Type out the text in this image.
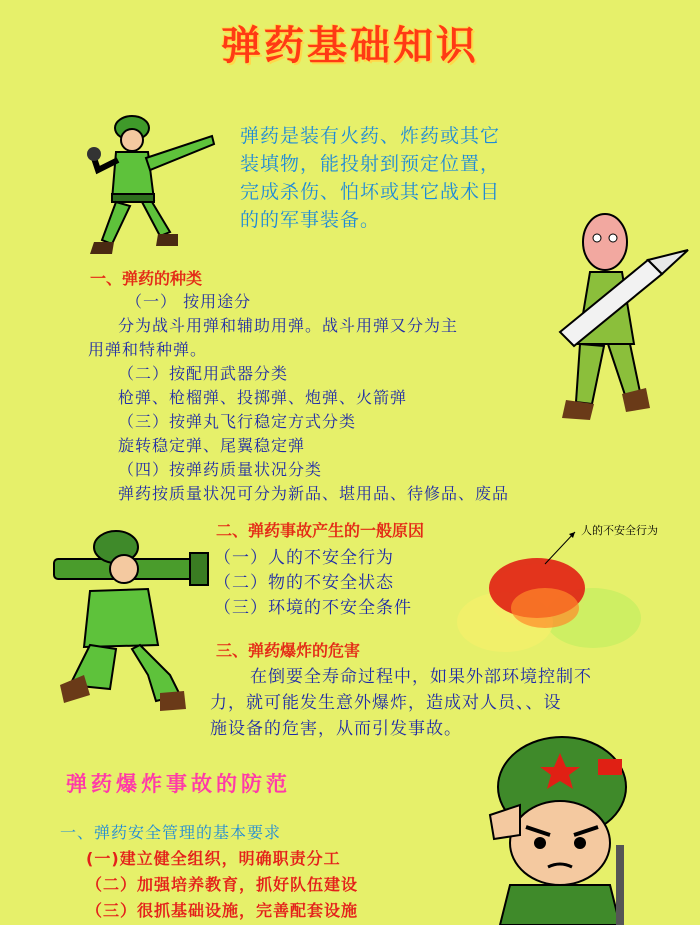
弹药基础知识
弹药是装有火药、炸药或其它
装填物，能投射到预定位置，
完成杀伤、怕坏或其它战术目
的的军事装备。
一、弹药的种类
（一） 按用途分
分为战斗用弹和辅助用弹。战斗用弹又分为主
用弹和特种弹。
（二）按配用武器分类
枪弹、枪榴弹、投掷弹、炮弹、火箭弹
（三）按弹丸飞行稳定方式分类
旋转稳定弹、尾翼稳定弹
（四）按弹药质量状况分类
弹药按质量状况可分为新品、堪用品、待修品、废品
二、弹药事故产生的一般原因
（一）人的不安全行为
（二）物的不安全状态
（三）环境的不安全条件
人的不安全行为
三、弹药爆炸的危害
在倒要全寿命过程中，如果外部环境控制不
力，就可能发生意外爆炸，造成对人员、、设
施设备的危害，从而引发事故。
弹药爆炸事故的防范
一、弹药安全管理的基本要求
(一)建立健全组织，明确职责分工
（二）加强培养教育，抓好队伍建设
（三）很抓基础设施，完善配套设施
